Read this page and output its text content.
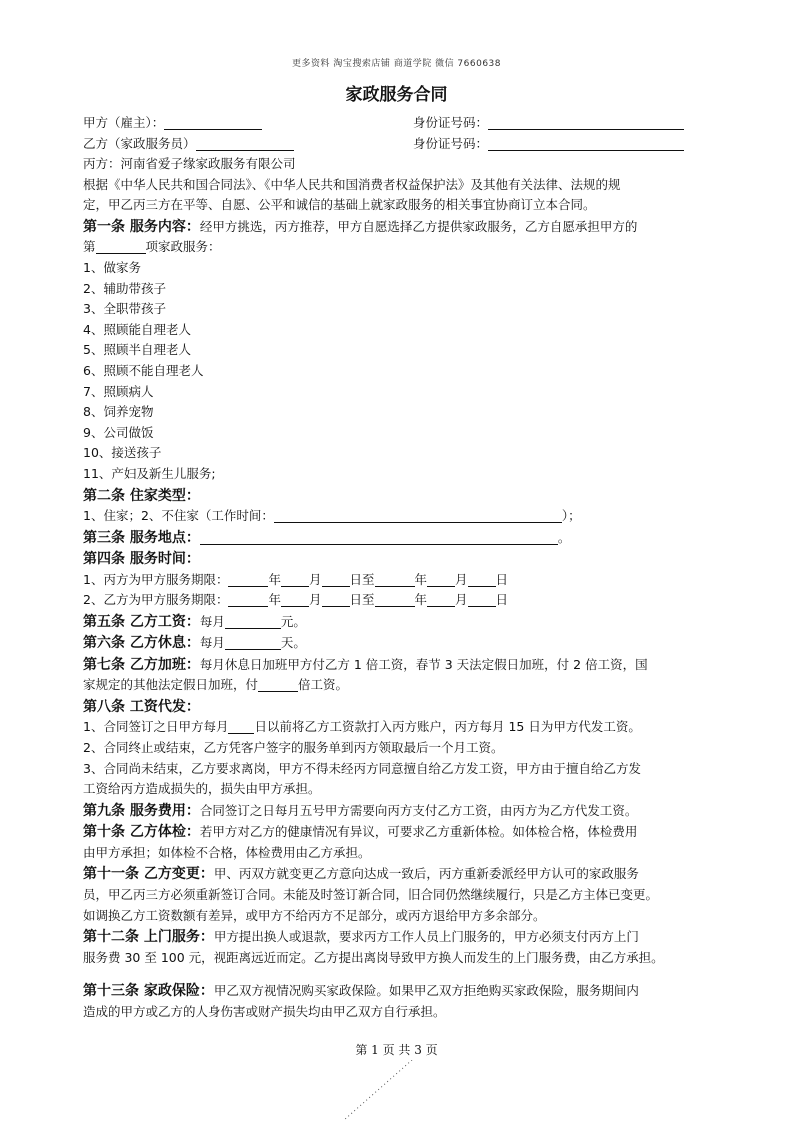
更多资料 淘宝搜索店铺 商道学院 微信 7660638
家政服务合同
甲方（雇主）：	身份证号码：
乙方（家政服务员）	身份证号码：
丙方：河南省爱子缘家政服务有限公司
根据《中华人民共和国合同法》、《中华人民共和国消费者权益保护法》及其他有关法律、法规的规
定，甲乙丙三方在平等、自愿、公平和诚信的基础上就家政服务的相关事宜协商订立本合同。
第一条 服务内容：经甲方挑选，丙方推荐，甲方自愿选择乙方提供家政服务，乙方自愿承担甲方的
第	项家政服务：
1、做家务
2、辅助带孩子
3、全职带孩子
4、照顾能自理老人
5、照顾半自理老人
6、照顾不能自理老人
7、照顾病人
8、饲养宠物
9、公司做饭
10、接送孩子
11、产妇及新生儿服务;
第二条 住家类型：
1、住家；2、不住家（工作时间：	）；
第三条 服务地点：	。
第四条 服务时间：
1、丙方为甲方服务期限：	年 月 日至	年 月 日
2、乙方为甲方服务期限：	年 月 日至	年 月 日
第五条 乙方工资：每月	元。
第六条 乙方休息：每月	天。
第七条 乙方加班：每月休息日加班甲方付乙方 1 倍工资，春节 3 天法定假日加班，付 2 倍工资，国
家规定的其他法定假日加班，付	倍工资。
第八条 工资代发：
1、合同签订之日甲方每月 日以前将乙方工资款打入丙方账户，丙方每月 15 日为甲方代发工资。
2、合同终止或结束，乙方凭客户签字的服务单到丙方领取最后一个月工资。
3、合同尚未结束，乙方要求离岗，甲方不得未经丙方同意擅自给乙方发工资，甲方由于擅自给乙方发
工资给丙方造成损失的，损失由甲方承担。
第九条 服务费用：合同签订之日每月五号甲方需要向丙方支付乙方工资，由丙方为乙方代发工资。
第十条 乙方体检：若甲方对乙方的健康情况有异议，可要求乙方重新体检。如体检合格，体检费用
由甲方承担；如体检不合格，体检费用由乙方承担。
第十一条 乙方变更：甲、丙双方就变更乙方意向达成一致后，丙方重新委派经甲方认可的家政服务
员，甲乙丙三方必须重新签订合同。未能及时签订新合同，旧合同仍然继续履行，只是乙方主体已变更。
如调换乙方工资数额有差异，或甲方不给丙方不足部分，或丙方退给甲方多余部分。
第十二条 上门服务：甲方提出换人或退款，要求丙方工作人员上门服务的，甲方必须支付丙方上门
服务费 30 至 100 元，视距离远近而定。乙方提出离岗导致甲方换人而发生的上门服务费，由乙方承担。
第十三条 家政保险：甲乙双方视情况购买家政保险。如果甲乙双方拒绝购买家政保险，服务期间内
造成的甲方或乙方的人身伤害或财产损失均由甲乙双方自行承担。
第 1 页 共 3 页
